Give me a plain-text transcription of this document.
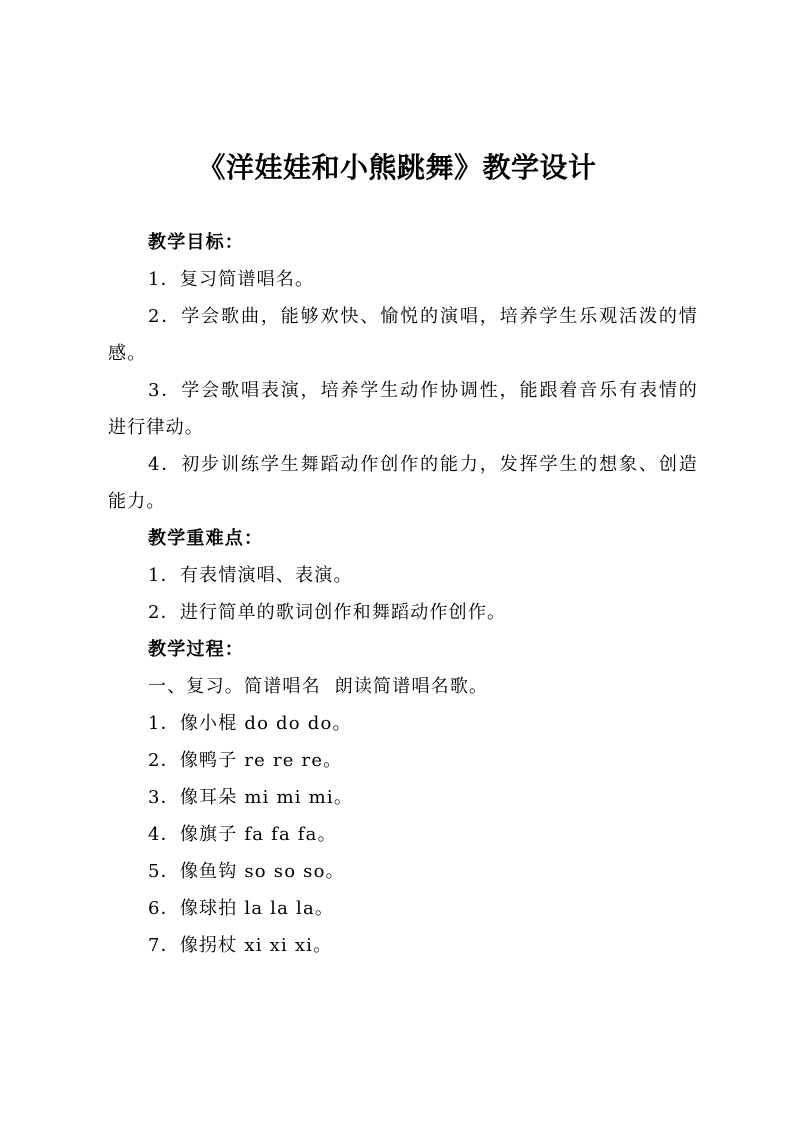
《洋娃娃和小熊跳舞》教学设计

教学目标：

1．复习简谱唱名。

2．学会歌曲，能够欢快、愉悦的演唱，培养学生乐观活泼的情感。

3．学会歌唱表演，培养学生动作协调性，能跟着音乐有表情的进行律动。

4．初步训练学生舞蹈动作创作的能力，发挥学生的想象、创造能力。

教学重难点：

1．有表情演唱、表演。

2．进行简单的歌词创作和舞蹈动作创作。

教学过程：

一、复习。简谱唱名  朗读简谱唱名歌。

1．像小棍 do do do。

2．像鸭子 re re re。

3．像耳朵 mi mi mi。

4．像旗子 fa fa fa。

5．像鱼钩 so so so。

6．像球拍 la la la。

7．像拐杖 xi xi xi。
